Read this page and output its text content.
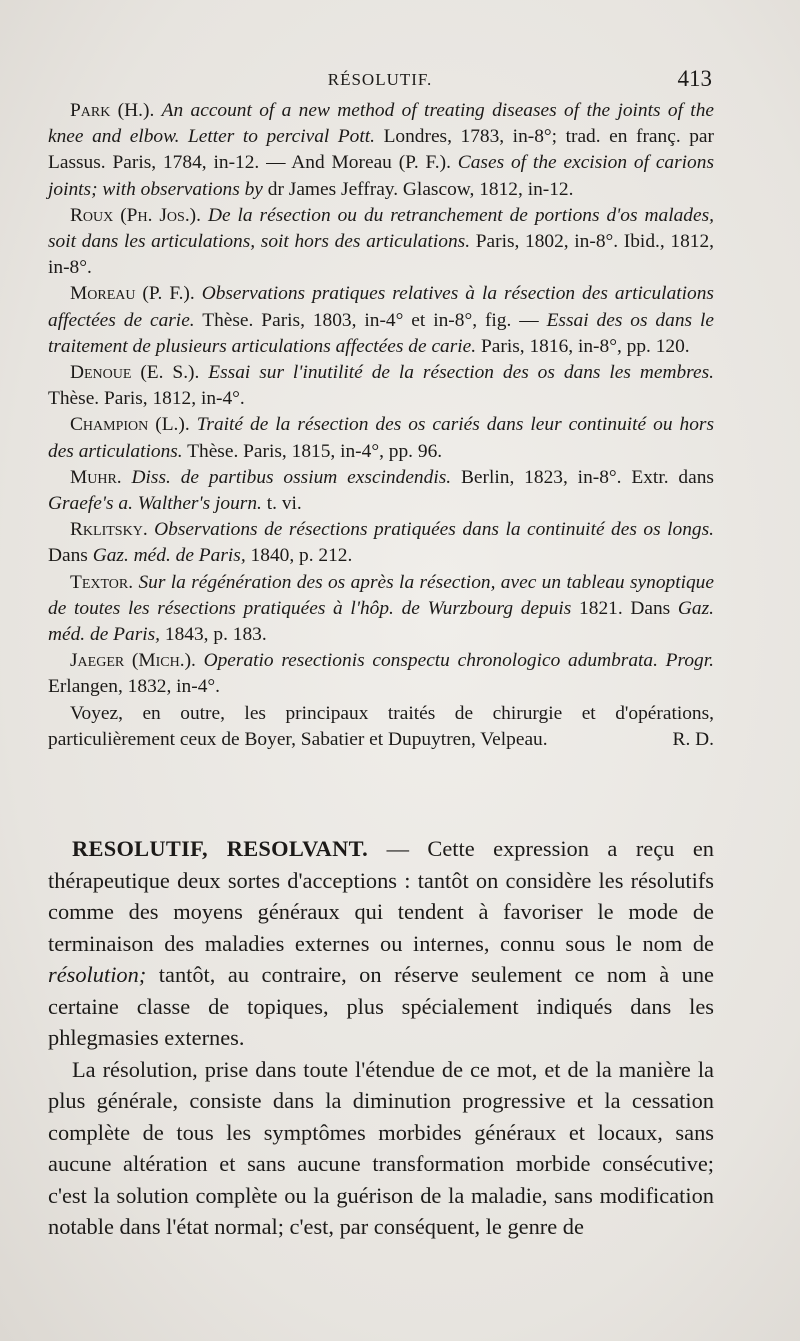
RÉSOLUTIF.	413

Park (H.). An account of a new method of treating diseases of the joints of the knee and elbow. Letter to percival Pott. Londres, 1783, in-8°; trad. en franç. par Lassus. Paris, 1784, in-12. — And Moreau (P. F.). Cases of the excision of carions joints; with observations by dr James Jeffray. Glascow, 1812, in-12.

Roux (Ph. Jos.). De la résection ou du retranchement de portions d'os malades, soit dans les articulations, soit hors des articulations. Paris, 1802, in-8°. Ibid., 1812, in-8°.

Moreau (P. F.). Observations pratiques relatives à la résection des articulations affectées de carie. Thèse. Paris, 1803, in-4° et in-8°, fig. — Essai des os dans le traitement de plusieurs articulations affectées de carie. Paris, 1816, in-8°, pp. 120.

Denoue (E. S.). Essai sur l'inutilité de la résection des os dans les membres. Thèse. Paris, 1812, in-4°.

Champion (L.). Traité de la résection des os cariés dans leur continuité ou hors des articulations. Thèse. Paris, 1815, in-4°, pp. 96.

Muhr. Diss. de partibus ossium exscindendis. Berlin, 1823, in-8°. Extr. dans Graefe's a. Walther's journ. t. vi.

Rklitsky. Observations de résections pratiquées dans la continuité des os longs. Dans Gaz. méd. de Paris, 1840, p. 212.

Textor. Sur la régénération des os après la résection, avec un tableau synoptique de toutes les résections pratiquées à l'hôp. de Wurzbourg depuis 1821. Dans Gaz. méd. de Paris, 1843, p. 183.

Jaeger (Mich.). Operatio resectionis conspectu chronologico adumbrata. Progr. Erlangen, 1832, in-4°.

Voyez, en outre, les principaux traités de chirurgie et d'opérations, particulièrement ceux de Boyer, Sabatier et Dupuytren, Velpeau.	R. D.

RESOLUTIF, RESOLVANT. — Cette expression a reçu en thérapeutique deux sortes d'acceptions : tantôt on considère les résolutifs comme des moyens généraux qui tendent à favoriser le mode de terminaison des maladies externes ou internes, connu sous le nom de résolution; tantôt, au contraire, on réserve seulement ce nom à une certaine classe de topiques, plus spécialement indiqués dans les phlegmasies externes.

La résolution, prise dans toute l'étendue de ce mot, et de la manière la plus générale, consiste dans la diminution progressive et la cessation complète de tous les symptômes morbides généraux et locaux, sans aucune altération et sans aucune transformation morbide consécutive; c'est la solution complète ou la guérison de la maladie, sans modification notable dans l'état normal; c'est, par conséquent, le genre de
